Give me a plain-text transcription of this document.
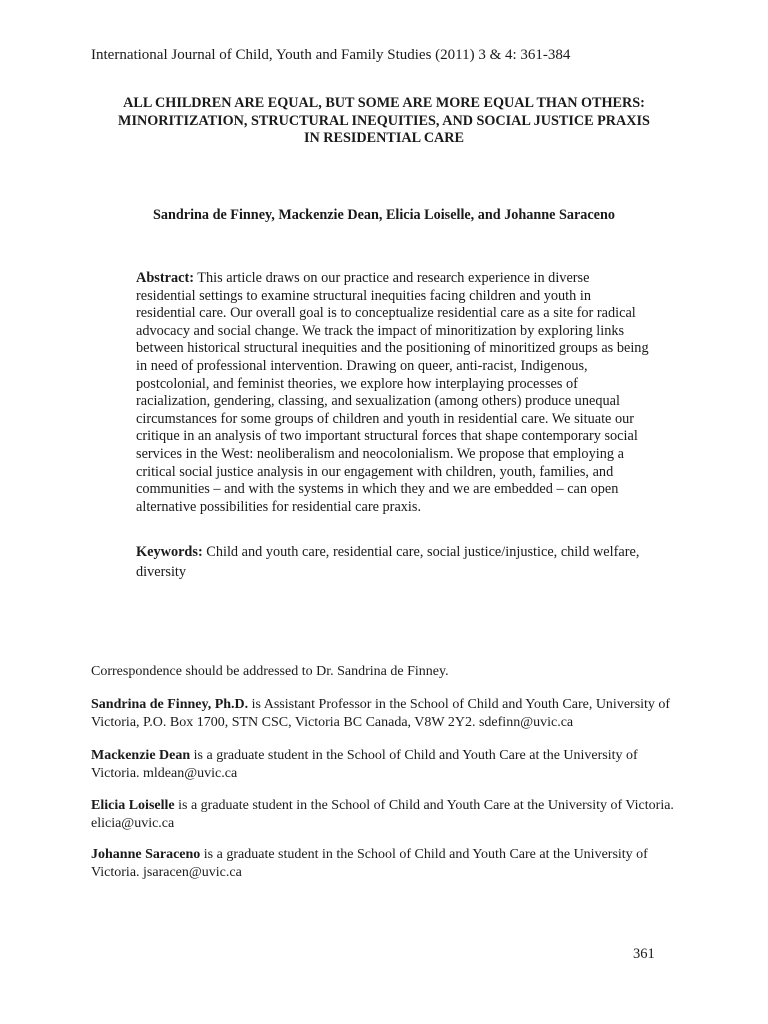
International Journal of Child, Youth and Family Studies (2011) 3 & 4: 361-384
ALL CHILDREN ARE EQUAL, BUT SOME ARE MORE EQUAL THAN OTHERS:
MINORITIZATION, STRUCTURAL INEQUITIES, AND SOCIAL JUSTICE PRAXIS
IN RESIDENTIAL CARE
Sandrina de Finney, Mackenzie Dean, Elicia Loiselle, and Johanne Saraceno
Abstract: This article draws on our practice and research experience in diverse
residential settings to examine structural inequities facing children and youth in
residential care. Our overall goal is to conceptualize residential care as a site for radical
advocacy and social change. We track the impact of minoritization by exploring links
between historical structural inequities and the positioning of minoritized groups as being
in need of professional intervention. Drawing on queer, anti-racist, Indigenous,
postcolonial, and feminist theories, we explore how interplaying processes of
racialization, gendering, classing, and sexualization (among others) produce unequal
circumstances for some groups of children and youth in residential care. We situate our
critique in an analysis of two important structural forces that shape contemporary social
services in the West: neoliberalism and neocolonialism. We propose that employing a
critical social justice analysis in our engagement with children, youth, families, and
communities – and with the systems in which they and we are embedded – can open
alternative possibilities for residential care praxis.
Keywords: Child and youth care, residential care, social justice/injustice, child welfare,
diversity
Correspondence should be addressed to Dr. Sandrina de Finney.
Sandrina de Finney, Ph.D. is Assistant Professor in the School of Child and Youth Care, University of
Victoria, P.O. Box 1700, STN CSC, Victoria BC Canada, V8W 2Y2. sdefinn@uvic.ca
Mackenzie Dean is a graduate student in the School of Child and Youth Care at the University of
Victoria. mldean@uvic.ca
Elicia Loiselle is a graduate student in the School of Child and Youth Care at the University of Victoria.
elicia@uvic.ca
Johanne Saraceno is a graduate student in the School of Child and Youth Care at the University of
Victoria. jsaracen@uvic.ca
361
